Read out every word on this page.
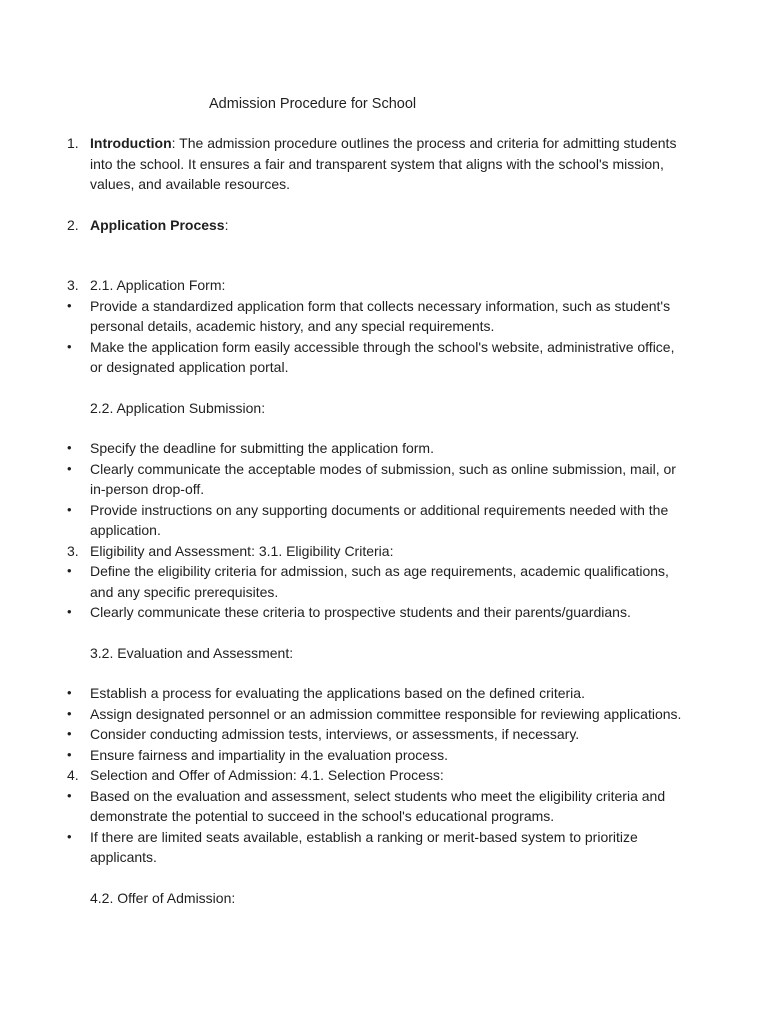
Admission Procedure for School
1. Introduction: The admission procedure outlines the process and criteria for admitting students into the school. It ensures a fair and transparent system that aligns with the school's mission, values, and available resources.
2. Application Process:
3. 2.1. Application Form:
• Provide a standardized application form that collects necessary information, such as student's personal details, academic history, and any special requirements.
• Make the application form easily accessible through the school's website, administrative office, or designated application portal.
2.2. Application Submission:
• Specify the deadline for submitting the application form.
• Clearly communicate the acceptable modes of submission, such as online submission, mail, or in-person drop-off.
• Provide instructions on any supporting documents or additional requirements needed with the application.
3. Eligibility and Assessment: 3.1. Eligibility Criteria:
• Define the eligibility criteria for admission, such as age requirements, academic qualifications, and any specific prerequisites.
• Clearly communicate these criteria to prospective students and their parents/guardians.
3.2. Evaluation and Assessment:
• Establish a process for evaluating the applications based on the defined criteria.
• Assign designated personnel or an admission committee responsible for reviewing applications.
• Consider conducting admission tests, interviews, or assessments, if necessary.
• Ensure fairness and impartiality in the evaluation process.
4. Selection and Offer of Admission: 4.1. Selection Process:
• Based on the evaluation and assessment, select students who meet the eligibility criteria and demonstrate the potential to succeed in the school's educational programs.
• If there are limited seats available, establish a ranking or merit-based system to prioritize applicants.
4.2. Offer of Admission:
